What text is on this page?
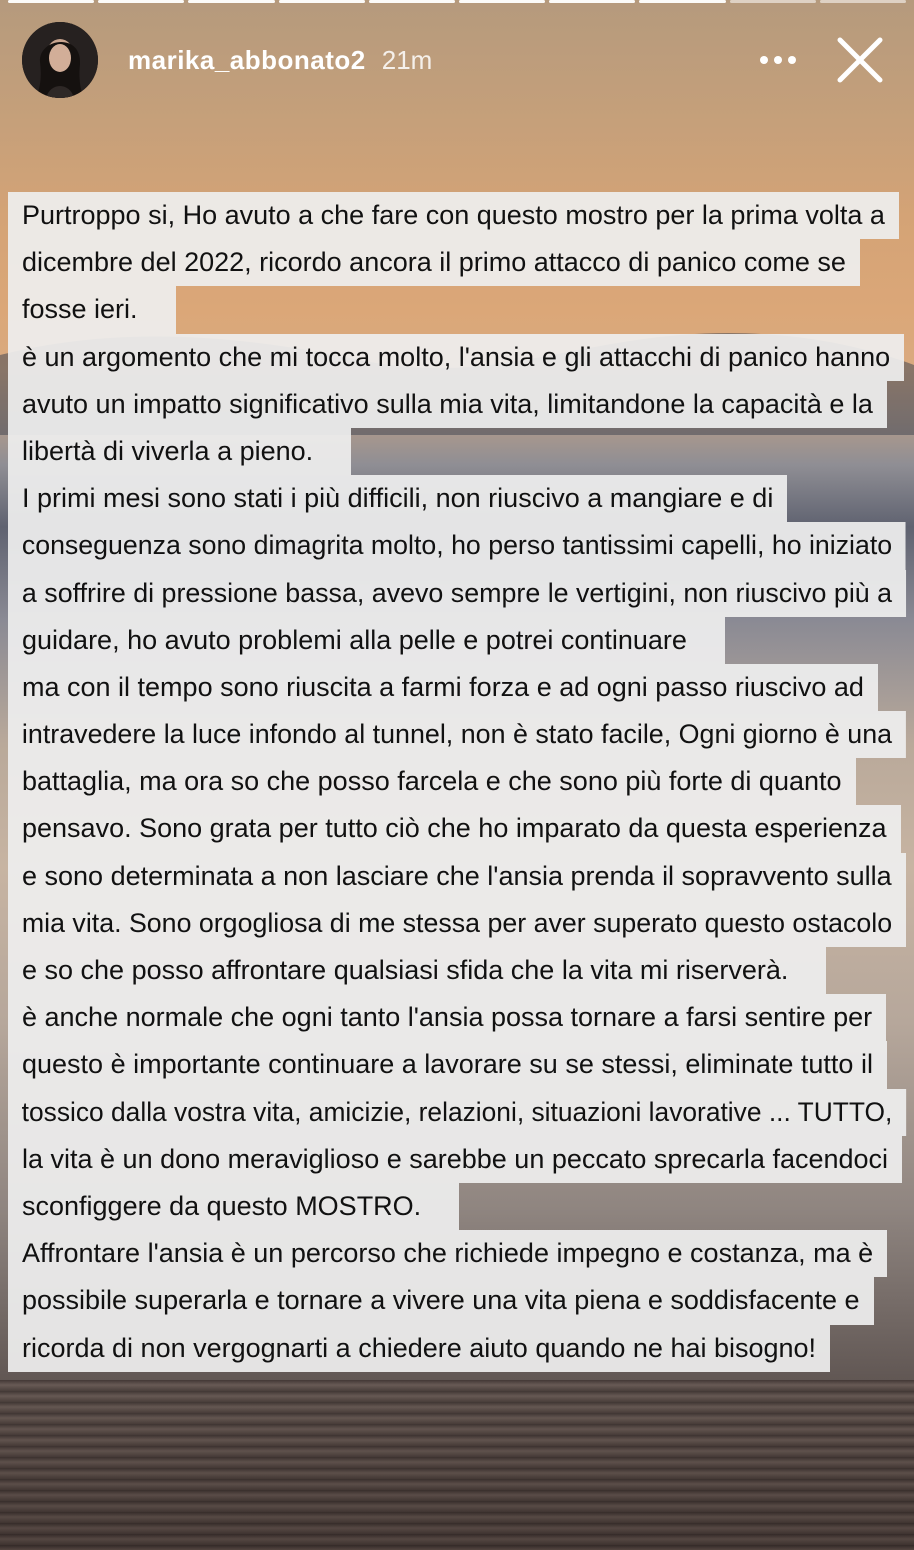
marika_abbonato2 21m
Purtroppo si, Ho avuto a che fare con questo mostro per la prima volta a
dicembre del 2022, ricordo ancora il primo attacco di panico come se
fosse ieri.
è un argomento che mi tocca molto, l'ansia e gli attacchi di panico hanno
avuto un impatto significativo sulla mia vita, limitandone la capacità e la
libertà di viverla a pieno.
I primi mesi sono stati i più difficili, non riuscivo a mangiare e di
conseguenza sono dimagrita molto, ho perso tantissimi capelli, ho iniziato
a soffrire di pressione bassa, avevo sempre le vertigini, non riuscivo più a
guidare, ho avuto problemi alla pelle e potrei continuare
ma con il tempo sono riuscita a farmi forza e ad ogni passo riuscivo ad
intravedere la luce infondo al tunnel, non è stato facile, Ogni giorno è una
battaglia, ma ora so che posso farcela e che sono più forte di quanto
pensavo. Sono grata per tutto ciò che ho imparato da questa esperienza
e sono determinata a non lasciare che l'ansia prenda il sopravvento sulla
mia vita. Sono orgogliosa di me stessa per aver superato questo ostacolo
e so che posso affrontare qualsiasi sfida che la vita mi riserverà.
è anche normale che ogni tanto l'ansia possa tornare a farsi sentire per
questo è importante continuare a lavorare su se stessi, eliminate tutto il
tossico dalla vostra vita, amicizie, relazioni, situazioni lavorative ... TUTTO,
la vita è un dono meraviglioso e sarebbe un peccato sprecarla facendoci
sconfiggere da questo MOSTRO.
Affrontare l'ansia è un percorso che richiede impegno e costanza, ma è
possibile superarla e tornare a vivere una vita piena e soddisfacente e
ricorda di non vergognarti a chiedere aiuto quando ne hai bisogno!
